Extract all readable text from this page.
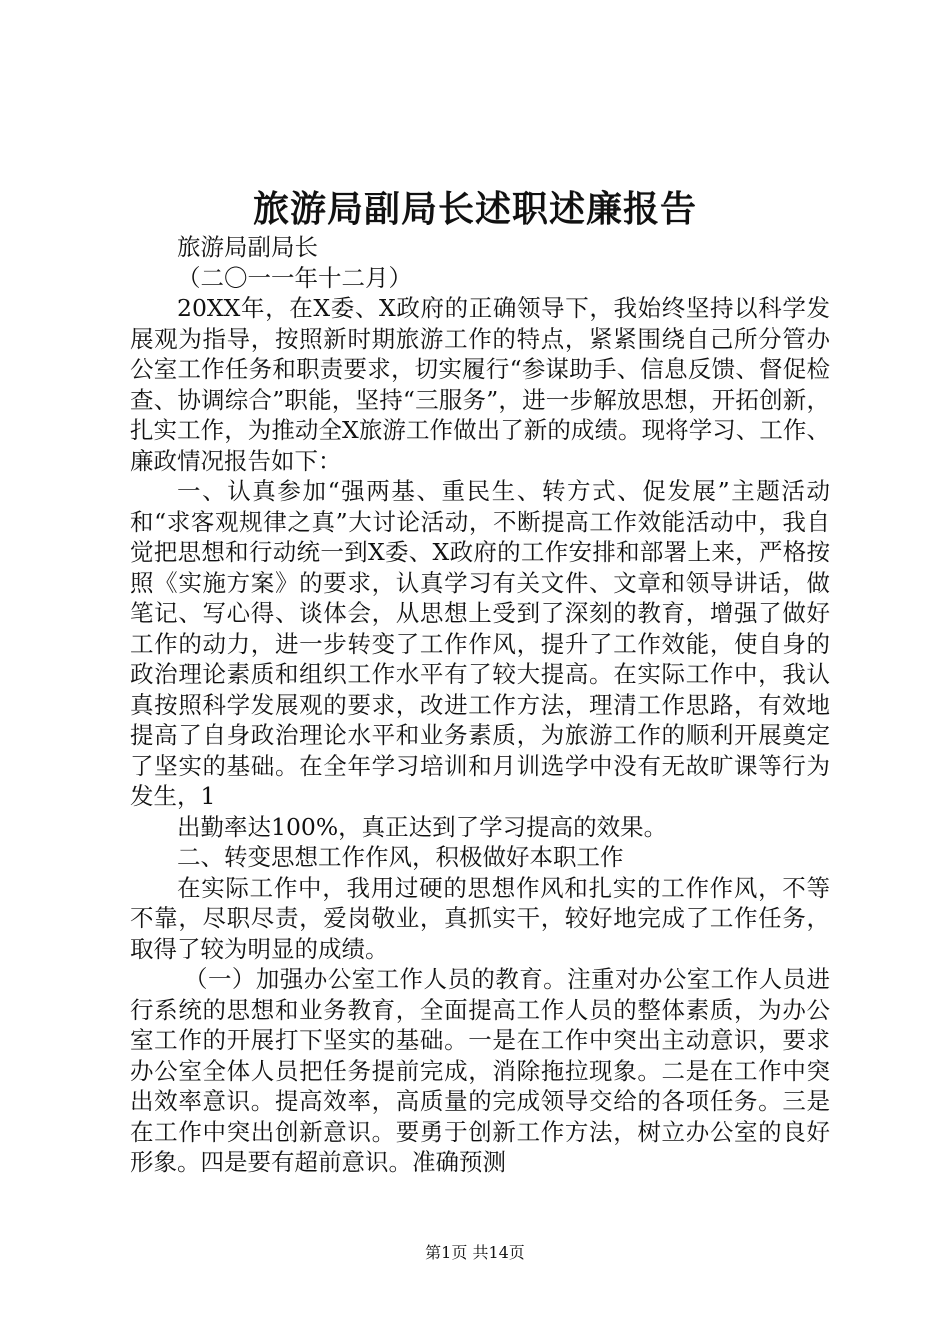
旅游局副局长述职述廉报告

旅游局副局长

（二〇一一年十二月）

20XX年，在X委、X政府的正确领导下，我始终坚持以科学发展观为指导，按照新时期旅游工作的特点，紧紧围绕自己所分管办公室工作任务和职责要求，切实履行“参谋助手、信息反馈、督促检查、协调综合”职能，坚持“三服务”，进一步解放思想，开拓创新，扎实工作，为推动全X旅游工作做出了新的成绩。现将学习、工作、廉政情况报告如下：

一、认真参加“强两基、重民生、转方式、促发展”主题活动和“求客观规律之真”大讨论活动，不断提高工作效能活动中，我自觉把思想和行动统一到X委、X政府的工作安排和部署上来，严格按照《实施方案》的要求，认真学习有关文件、文章和领导讲话，做笔记、写心得、谈体会，从思想上受到了深刻的教育，增强了做好工作的动力，进一步转变了工作作风，提升了工作效能，使自身的政治理论素质和组织工作水平有了较大提高。在实际工作中，我认真按照科学发展观的要求，改进工作方法，理清工作思路，有效地提高了自身政治理论水平和业务素质，为旅游工作的顺利开展奠定了坚实的基础。在全年学习培训和月训选学中没有无故旷课等行为发生，1

出勤率达100%，真正达到了学习提高的效果。

二、转变思想工作作风，积极做好本职工作

在实际工作中，我用过硬的思想作风和扎实的工作作风，不等不靠，尽职尽责，爱岗敬业，真抓实干，较好地完成了工作任务，取得了较为明显的成绩。

（一）加强办公室工作人员的教育。注重对办公室工作人员进行系统的思想和业务教育，全面提高工作人员的整体素质，为办公室工作的开展打下坚实的基础。一是在工作中突出主动意识，要求办公室全体人员把任务提前完成，消除拖拉现象。二是在工作中突出效率意识。提高效率，高质量的完成领导交给的各项任务。三是在工作中突出创新意识。要勇于创新工作方法，树立办公室的良好形象。四是要有超前意识。准确预测

第1页 共14页
